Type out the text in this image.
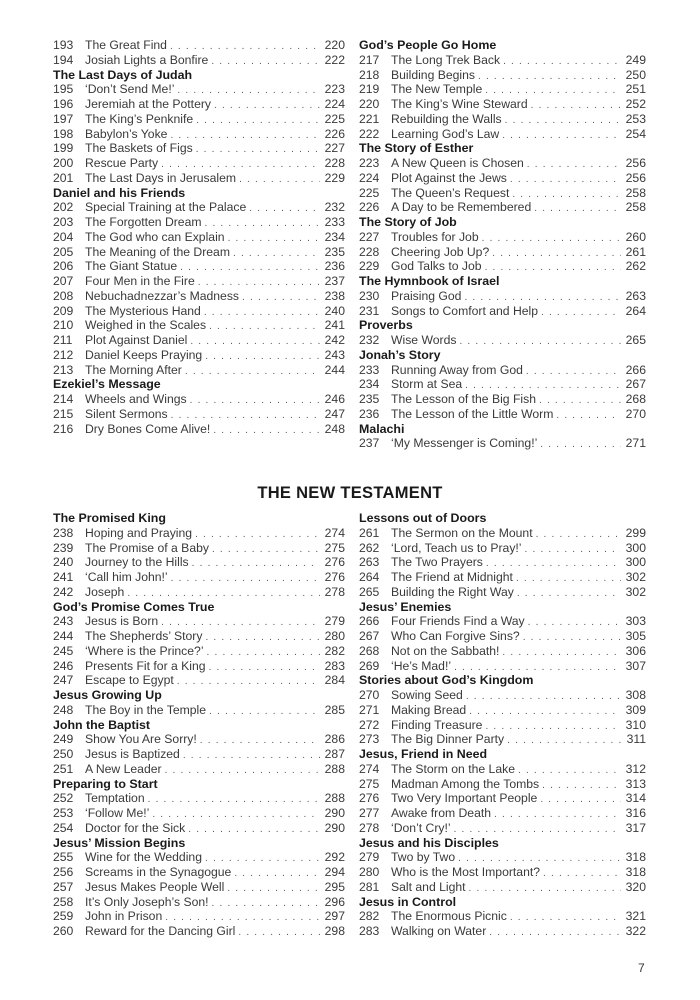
193 The Great Find . . .	220
194 Josiah Lights a Bonfire . . .	222
The Last Days of Judah
195 ‘Don’t Send Me!’ . . .	223
196 Jeremiah at the Pottery . . .	224
197 The King’s Penknife . . .	225
198 Babylon’s Yoke . . .	226
199 The Baskets of Figs . . .	227
200 Rescue Party . . .	228
201 The Last Days in Jerusalem . . .	229
Daniel and his Friends
202 Special Training at the Palace . . .	232
203 The Forgotten Dream . . .	233
204 The God who can Explain . . .	234
205 The Meaning of the Dream . . .	235
206 The Giant Statue . . .	236
207 Four Men in the Fire . . .	237
208 Nebuchadnezzar’s Madness . . .	238
209 The Mysterious Hand . . .	240
210 Weighed in the Scales . . .	241
211	Plot Against Daniel . . .	242
212 Daniel Keeps Praying . . .	243
213 The Morning After . . .	244
Ezekiel’s Message
214 Wheels and Wings . . .	246
215 Silent Sermons . . .	247
216 Dry Bones Come Alive! . . .	248
God’s People Go Home
217 The Long Trek Back . . .	249
218 Building Begins . . .	250
219 The New Temple . . .	251
220 The King’s Wine Steward . . .	252
221 Rebuilding the Walls . . .	253
222 Learning God’s Law . . .	254
The Story of Esther
223 A New Queen is Chosen . . .	256
224 Plot Against the Jews . . .	256
225 The Queen’s Request . . .	258
226 A Day to be Remembered . . .	258
The Story of Job
227 Troubles for Job . . .	260
228 Cheering Job Up? . . .	261
229 God Talks to Job . . .	262
The Hymnbook of Israel
230 Praising God . . .	263
231 Songs to Comfort and Help . . .	264
Proverbs
232 Wise Words . . .	265
Jonah’s Story
233 Running Away from God . . .	266
234 Storm at Sea . . .	267
235 The Lesson of the Big Fish . . .	268
236 The Lesson of the Little Worm . . .	270
Malachi
237 ‘My Messenger is Coming!’ . . .	271
THE NEW TESTAMENT
The Promised King
238 Hoping and Praying . . .	274
239 The Promise of a Baby . . .	275
240 Journey to the Hills . . .	276
241 ‘Call him John!’ . . .	276
242 Joseph . . .	278
God’s Promise Comes True
243 Jesus is Born . . .	279
244 The Shepherds’ Story . . .	280
245 ‘Where is the Prince?’ . . .	282
246 Presents Fit for a King . . .	283
247 Escape to Egypt . . .	284
Jesus Growing Up
248 The Boy in the Temple . . .	285
John the Baptist
249 Show You Are Sorry! . . .	286
250 Jesus is Baptized . . .	287
251 A New Leader . . .	288
Preparing to Start
252 Temptation . . .	288
253 ‘Follow Me!’ . . .	290
254 Doctor for the Sick . . .	290
Jesus’ Mission Begins
255 Wine for the Wedding . . .	292
256 Screams in the Synagogue . . .	294
257 Jesus Makes People Well . . .	295
258 It’s Only Joseph’s Son! . . .	296
259 John in Prison . . .	297
260 Reward for the Dancing Girl . . .	298
Lessons out of Doors
261 The Sermon on the Mount . . .	299
262 ‘Lord, Teach us to Pray!’ . . .	300
263 The Two Prayers . . .	300
264 The Friend at Midnight . . .	302
265 Building the Right Way . . .	302
Jesus’ Enemies
266 Four Friends Find a Way . . .	303
267 Who Can Forgive Sins? . . .	305
268 Not on the Sabbath! . . .	306
269 ‘He’s Mad!’ . . .	307
Stories about God’s Kingdom
270 Sowing Seed . . .	308
271 Making Bread . . .	309
272 Finding Treasure . . .	310
273 The Big Dinner Party . . .	311
Jesus, Friend in Need
274 The Storm on the Lake . . .	312
275 Madman Among the Tombs . . .	313
276 Two Very Important People . . .	314
277 Awake from Death . . .	316
278 ‘Don’t Cry!’ . . .	317
Jesus and his Disciples
279 Two by Two . . .	318
280 Who is the Most Important? . . .	318
281 Salt and Light . . .	320
Jesus in Control
282 The Enormous Picnic . . .	321
283 Walking on Water . . .	322
7
